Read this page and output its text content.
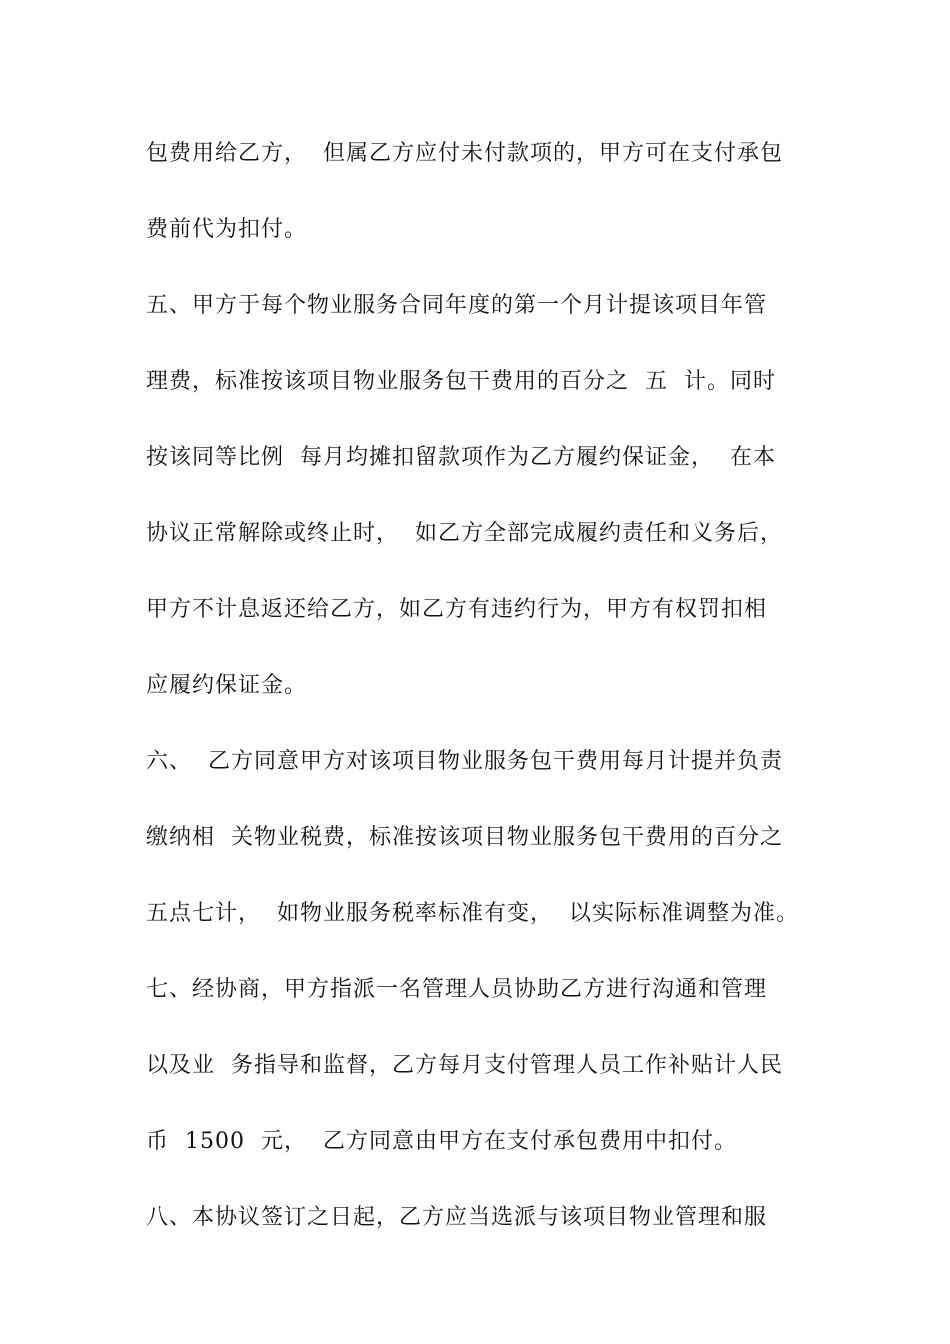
包费用给乙方，  但属乙方应付未付款项的，甲方可在支付承包
费前代为扣付。
五、甲方于每个物业服务合同年度的第一个月计提该项目年管
理费，标准按该项目物业服务包干费用的百分之  五  计。同时
按该同等比例  每月均摊扣留款项作为乙方履约保证金，  在本
协议正常解除或终止时，  如乙方全部完成履约责任和义务后，
甲方不计息返还给乙方，如乙方有违约行为，甲方有权罚扣相
应履约保证金。
六、  乙方同意甲方对该项目物业服务包干费用每月计提并负责
缴纳相  关物业税费，标准按该项目物业服务包干费用的百分之
五点七计，  如物业服务税率标准有变，  以实际标准调整为准。
七、经协商，甲方指派一名管理人员协助乙方进行沟通和管理
以及业  务指导和监督，乙方每月支付管理人员工作补贴计人民
币  1500  元，  乙方同意由甲方在支付承包费用中扣付。
八、本协议签订之日起，乙方应当选派与该项目物业管理和服
